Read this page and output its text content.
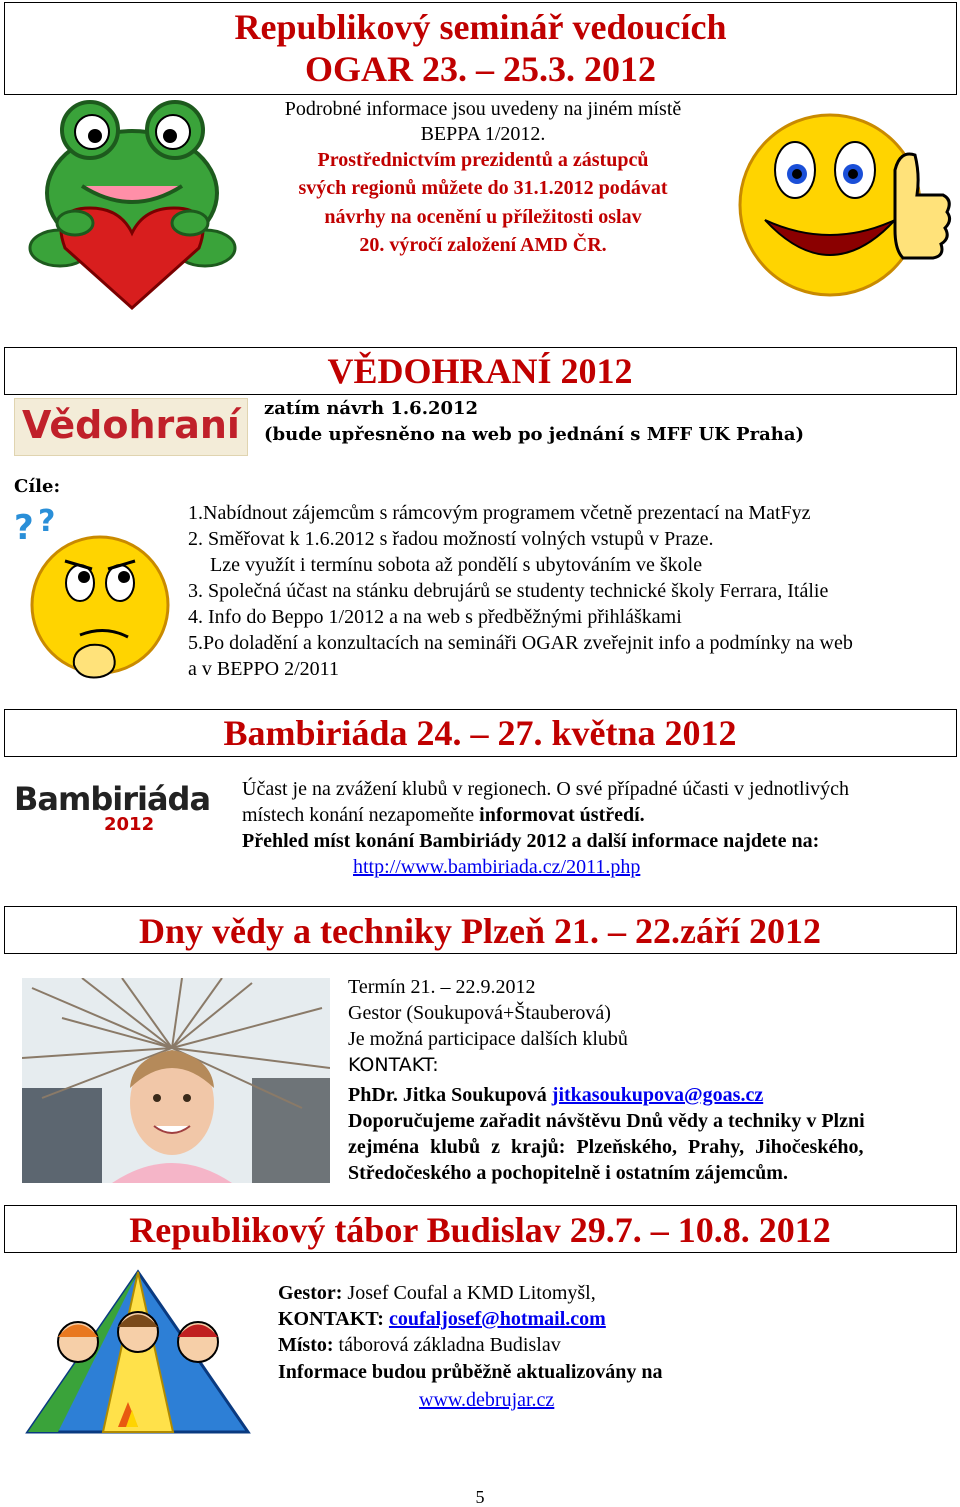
Republikový seminář vedoucích
OGAR 23. – 25.3. 2012
Podrobné informace jsou uvedeny na jiném místě
BEPPA 1/2012.
Prostřednictvím prezidentů a zástupců
svých regionů můžete do 31.1.2012 podávat
návrhy na ocenění u příležitosti oslav
20. výročí založení AMD ČR.
VĚDOHRANÍ 2012
Vědohraní	zatím návrh 1.6.2012
(bude upřesněno na web po jednání s MFF UK Praha)
Cíle:
? ?	1.Nabídnout zájemcům s rámcovým programem včetně prezentací na MatFyz
2. Směřovat k 1.6.2012 s řadou možností volných vstupů v Praze.
Lze využít i termínu sobota až pondělí s ubytováním ve škole
3. Společná účast na stánku debrujárů se studenty technické školy Ferrara, Itálie
4. Info do Beppo 1/2012 a na web s předběžnými přihláškami
5.Po doladění a konzultacích na semináři OGAR zveřejnit info a podmínky na web
a v BEPPO 2/2011
Bambiriáda 24. – 27. května 2012
Bambiriáda
2012
Účast je na zvážení klubů v regionech. O své případné účasti v jednotlivých
místech konání nezapomeňte informovat ústředí.
Přehled míst konání Bambiriády 2012 a další informace najdete na:
http://www.bambiriada.cz/2011.php
Dny vědy a techniky Plzeň 21. – 22.září 2012
Termín 21. – 22.9.2012
Gestor (Soukupová+Štauberová)
Je možná participace dalších klubů
KONTAKT:
PhDr. Jitka Soukupová jitkasoukupova@goas.cz
Doporučujeme zařadit návštěvu Dnů vědy a techniky v Plzni
zejména klubů z krajů: Plzeňského, Prahy, Jihočeského,
Středočeského a pochopitelně i ostatním zájemcům.
Republikový tábor Budislav 29.7. – 10.8. 2012
Gestor: Josef Coufal a KMD Litomyšl,
KONTAKT: coufaljosef@hotmail.com
Místo: táborová základna Budislav
Informace budou průběžně aktualizovány na
www.debrujar.cz
5
